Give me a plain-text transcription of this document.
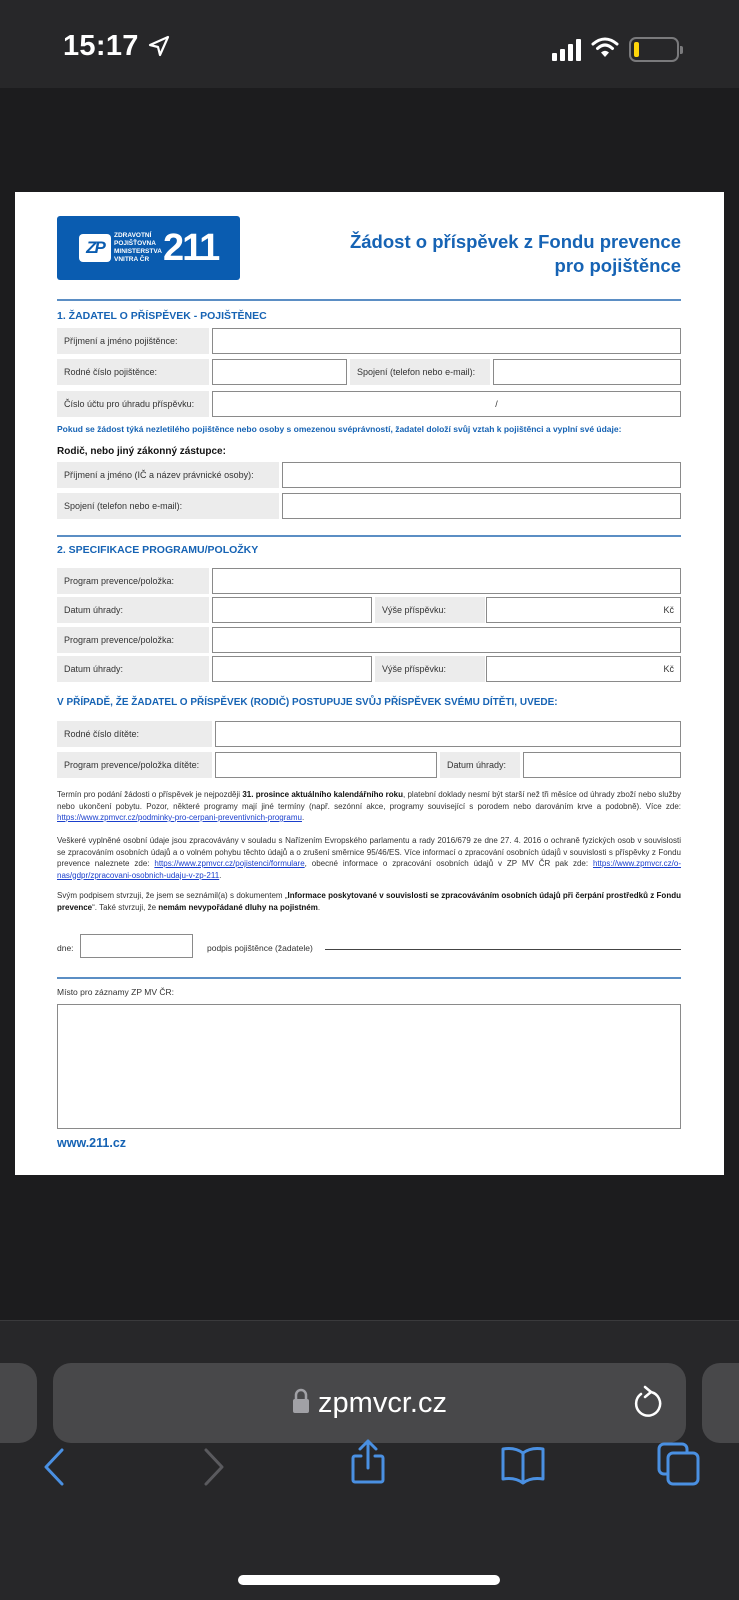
15:17
ZP
ZDRAVOTNÍ
POJIŠŤOVNA
MINISTERSTVA
VNITRA ČR 211	Žádost o příspěvek z Fondu prevence
pro pojištěnce
1. ŽADATEL O PŘÍSPĚVEK - POJIŠTĚNEC
Příjmení a jméno pojištěnce:
Rodné číslo pojištěnce:	Spojení (telefon nebo e-mail):
Číslo účtu pro úhradu příspěvku:	/
Pokud se žádost týká nezletilého pojištěnce nebo osoby s omezenou svéprávností, žadatel doloží svůj vztah k pojištěnci a vyplní své údaje:
Rodič, nebo jiný zákonný zástupce:
Příjmení a jméno (IČ a název právnické osoby):
Spojení (telefon nebo e-mail):
2. SPECIFIKACE PROGRAMU/POLOŽKY
Program prevence/položka:
Datum úhrady:	Výše příspěvku:	Kč
Program prevence/položka:
Datum úhrady:	Výše příspěvku:	Kč
V PŘÍPADĚ, ŽE ŽADATEL O PŘÍSPĚVEK (RODIČ) POSTUPUJE SVŮJ PŘÍSPĚVEK SVÉMU DÍTĚTI, UVEDE:
Rodné číslo dítěte:
Program prevence/položka dítěte:	Datum úhrady:
Termín pro podání žádosti o příspěvek je nejpozději 31. prosince aktuálního kalendářního roku, platební doklady nesmí být starší než tři měsíce od úhrady zboží nebo služby nebo ukončení pobytu. Pozor, některé programy mají jiné termíny (např. sezónní akce, programy související s porodem nebo darováním krve a podobně). Více zde: https://www.zpmvcr.cz/podminky-pro-cerpani-preventivnich-programu.
Veškeré vyplněné osobní údaje jsou zpracovávány v souladu s Nařízením Evropského parlamentu a rady 2016/679 ze dne 27. 4. 2016 o ochraně fyzických osob v souvislosti se zpracováním osobních údajů a o volném pohybu těchto údajů a o zrušení směrnice 95/46/ES. Více informací o zpracování osobních údajů v souvislosti s příspěvky z Fondu prevence naleznete zde: https://www.zpmvcr.cz/pojistenci/formulare, obecné informace o zpracování osobních údajů v ZP MV ČR pak zde: https://www.zpmvcr.cz/o-nas/gdpr/zpracovani-osobnich-udaju-v-zp-211.
Svým podpisem stvrzuji, že jsem se seznámil(a) s dokumentem „Informace poskytované v souvislosti se zpracováváním osobních údajů při čerpání prostředků z Fondu prevence“. Také stvrzuji, že nemám nevypořádané dluhy na pojistném.
dne:	podpis pojištěnce (žadatele)
Místo pro záznamy ZP MV ČR:
www.211.cz
zpmvcr.cz
